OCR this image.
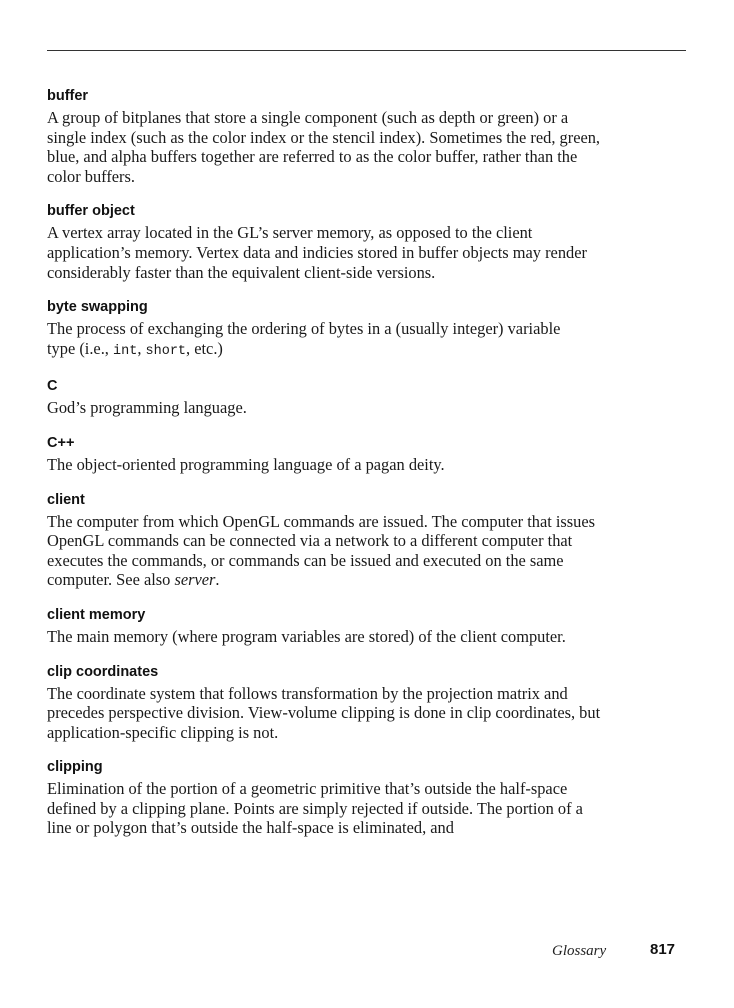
buffer

A group of bitplanes that store a single component (such as depth or green) or a single index (such as the color index or the stencil index). Sometimes the red, green, blue, and alpha buffers together are referred to as the color buffer, rather than the color buffers.

buffer object

A vertex array located in the GL’s server memory, as opposed to the client application’s memory. Vertex data and indicies stored in buffer objects may render considerably faster than the equivalent client-side versions.

byte swapping

The process of exchanging the ordering of bytes in a (usually integer) variable type (i.e., int, short, etc.)

C

God’s programming language.

C++

The object-oriented programming language of a pagan deity.

client

The computer from which OpenGL commands are issued. The computer that issues OpenGL commands can be connected via a network to a different computer that executes the commands, or commands can be issued and executed on the same computer. See also server.

client memory

The main memory (where program variables are stored) of the client computer.

clip coordinates

The coordinate system that follows transformation by the projection matrix and precedes perspective division. View-volume clipping is done in clip coordinates, but application-specific clipping is not.

clipping

Elimination of the portion of a geometric primitive that’s outside the half-space defined by a clipping plane. Points are simply rejected if outside. The portion of a line or polygon that’s outside the half-space is eliminated, and

Glossary	817
